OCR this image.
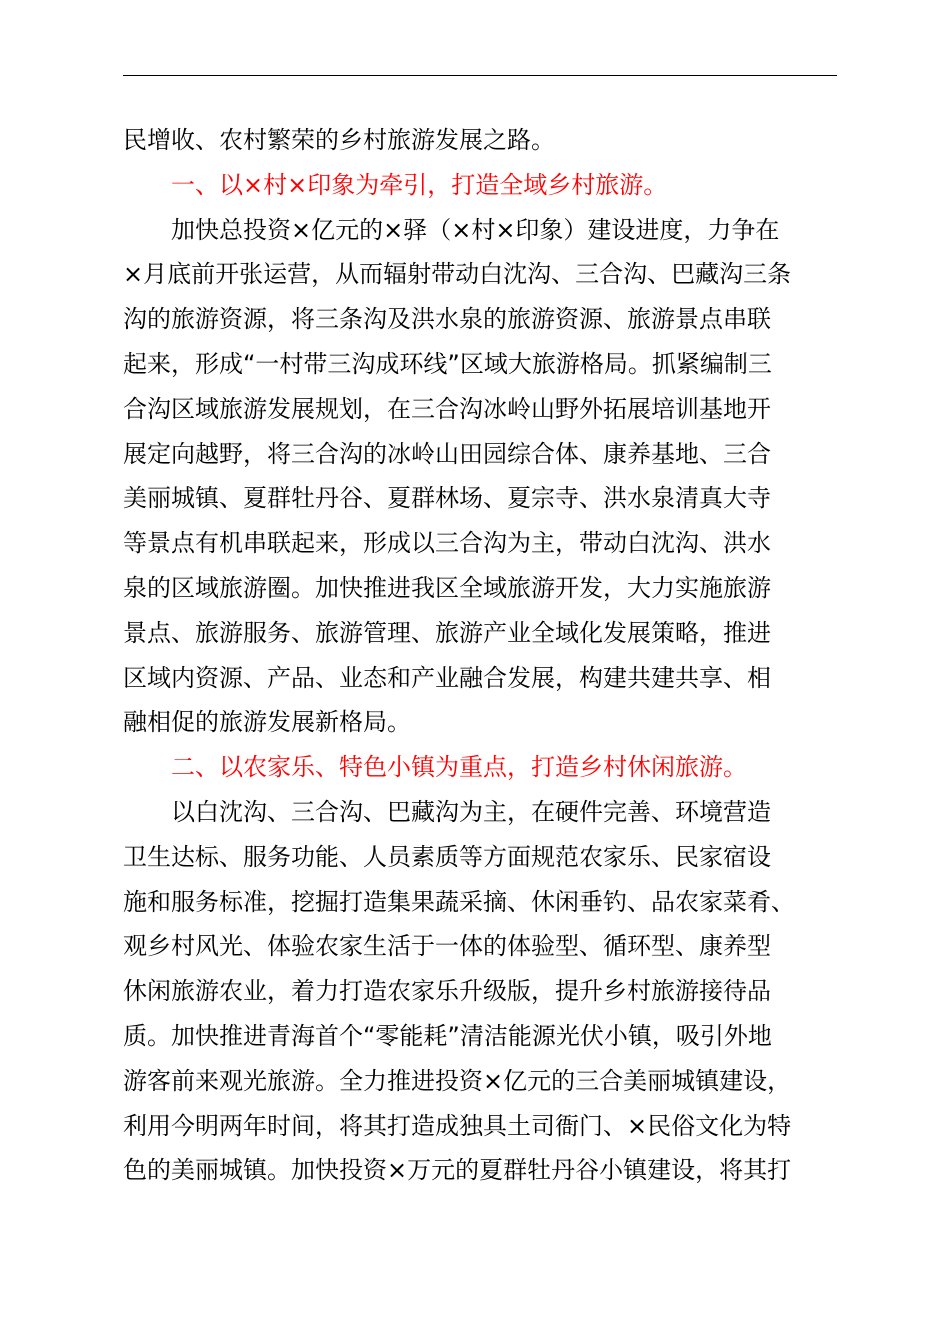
民增收、农村繁荣的乡村旅游发展之路。
一、以×村×印象为牵引，打造全域乡村旅游。
加快总投资×亿元的×驿（×村×印象）建设进度，力争在
×月底前开张运营，从而辐射带动白沈沟、三合沟、巴藏沟三条
沟的旅游资源，将三条沟及洪水泉的旅游资源、旅游景点串联
起来，形成“一村带三沟成环线”区域大旅游格局。抓紧编制三
合沟区域旅游发展规划，在三合沟冰岭山野外拓展培训基地开
展定向越野，将三合沟的冰岭山田园综合体、康养基地、三合
美丽城镇、夏群牡丹谷、夏群林场、夏宗寺、洪水泉清真大寺
等景点有机串联起来，形成以三合沟为主，带动白沈沟、洪水
泉的区域旅游圈。加快推进我区全域旅游开发，大力实施旅游
景点、旅游服务、旅游管理、旅游产业全域化发展策略，推进
区域内资源、产品、业态和产业融合发展，构建共建共享、相
融相促的旅游发展新格局。
二、以农家乐、特色小镇为重点，打造乡村休闲旅游。
以白沈沟、三合沟、巴藏沟为主，在硬件完善、环境营造
卫生达标、服务功能、人员素质等方面规范农家乐、民家宿设
施和服务标准，挖掘打造集果蔬采摘、休闲垂钓、品农家菜肴、
观乡村风光、体验农家生活于一体的体验型、循环型、康养型
休闲旅游农业，着力打造农家乐升级版，提升乡村旅游接待品
质。加快推进青海首个“零能耗”清洁能源光伏小镇，吸引外地
游客前来观光旅游。全力推进投资×亿元的三合美丽城镇建设，
利用今明两年时间，将其打造成独具土司衙门、×民俗文化为特
色的美丽城镇。加快投资×万元的夏群牡丹谷小镇建设，将其打
